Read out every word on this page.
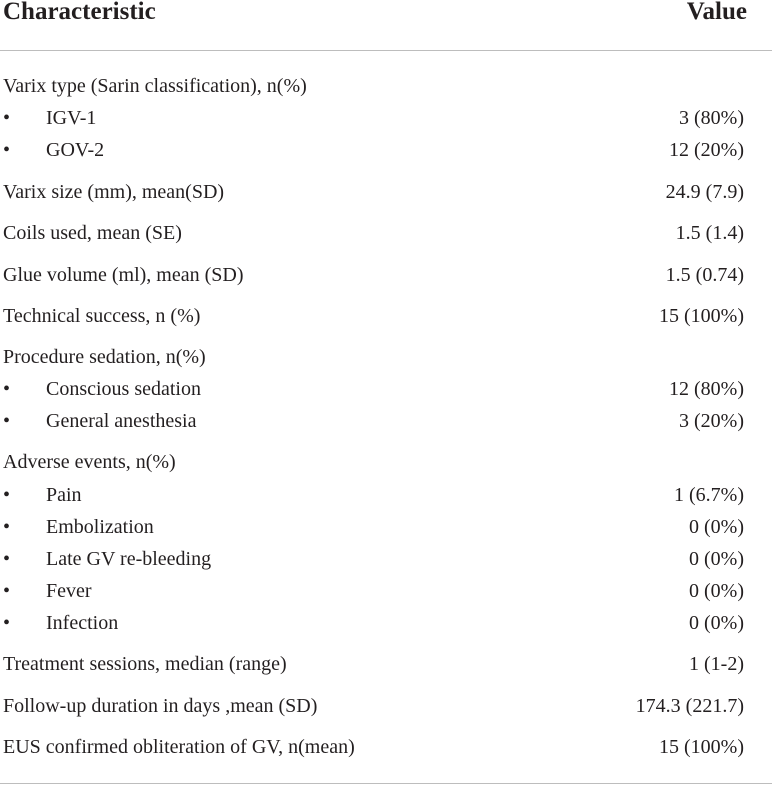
Characteristic	Value
Varix type (Sarin classification), n(%)
• IGV-1	3 (80%)
• GOV-2	12 (20%)
Varix size (mm), mean(SD)	24.9 (7.9)
Coils used, mean (SE)	1.5 (1.4)
Glue volume (ml), mean (SD)	1.5 (0.74)
Technical success, n (%)	15 (100%)
Procedure sedation, n(%)
• Conscious sedation	12 (80%)
• General anesthesia	3 (20%)
Adverse events, n(%)
• Pain	1 (6.7%)
• Embolization	0 (0%)
• Late GV re-bleeding	0 (0%)
• Fever	0 (0%)
• Infection	0 (0%)
Treatment sessions, median (range)	1 (1-2)
Follow-up duration in days ,mean (SD)	174.3 (221.7)
EUS confirmed obliteration of GV, n(mean)	15 (100%)
